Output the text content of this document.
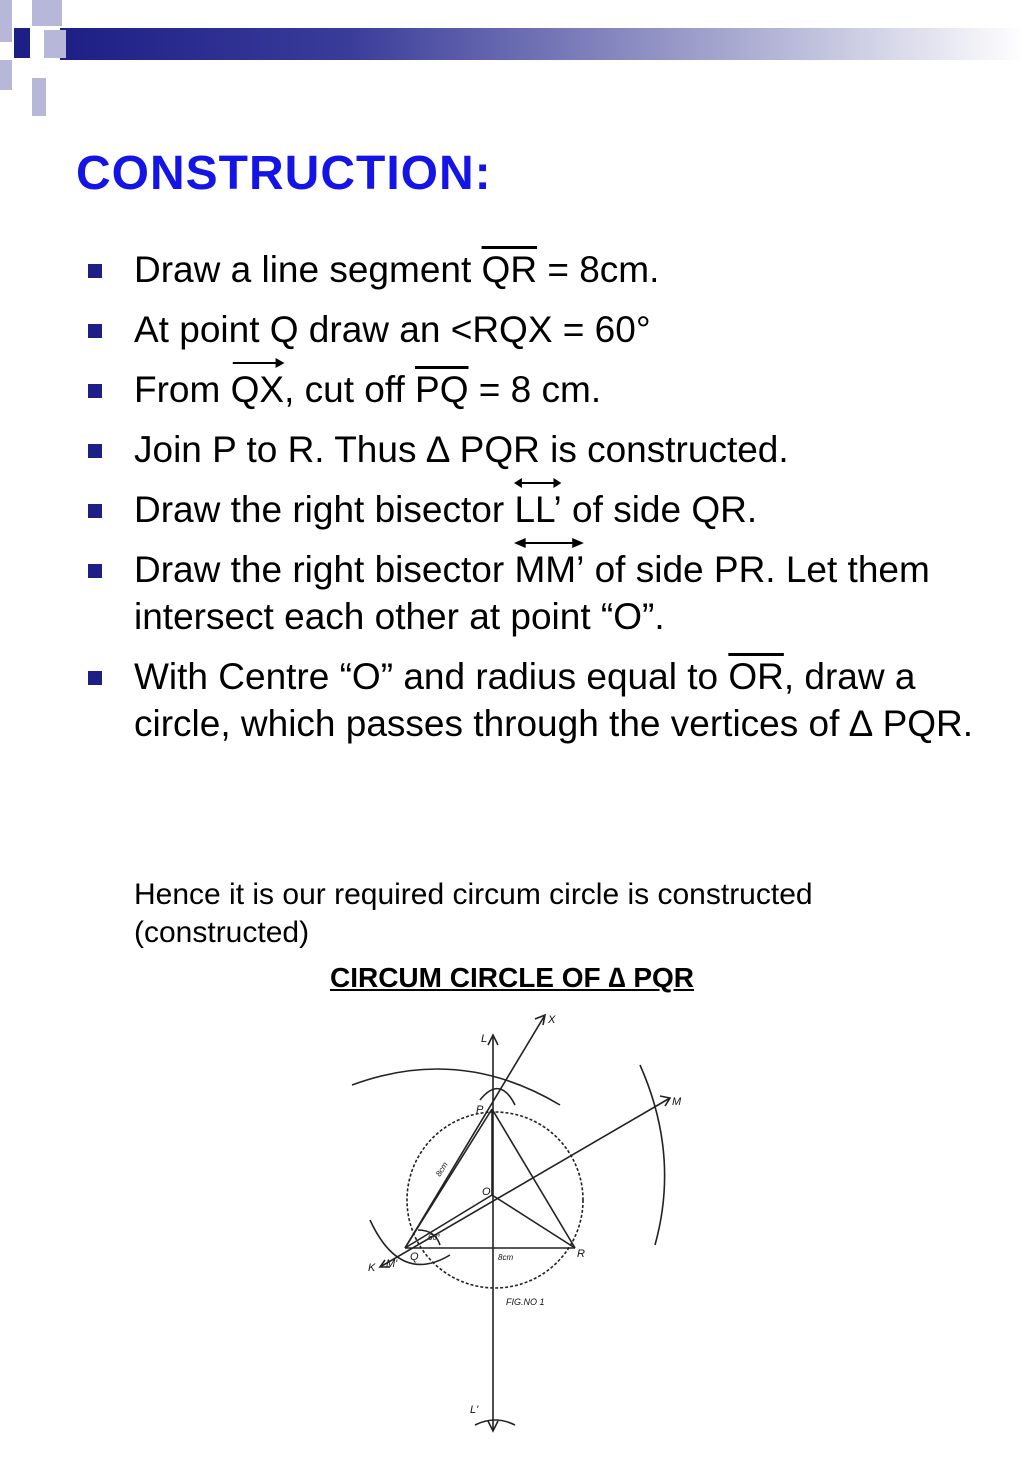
CONSTRUCTION:
Draw a line segment $\overline{QR} = 8cm$.
At point Q draw an <RQX = 60°
From
QX, cut off $\overline{PQ} = 8$ cm.
Join P to R. Thus ∆ PQR is constructed.
Draw the right bisector
LL’ of side QR.
Draw the right bisector
MM’ of side PR. Let them intersect each other at point “O”.
With Centre “O” and radius equal to $\overline{OR}$, draw a circle, which passes through the vertices of ∆ PQR.

Hence it is our required circum circle is constructed (constructed)

CIRCUM CIRCLE OF ∆ PQR

L
X
M
P
O
Q	R
K M'
L'
8cm
8cm
60°
FIG.NO 1
